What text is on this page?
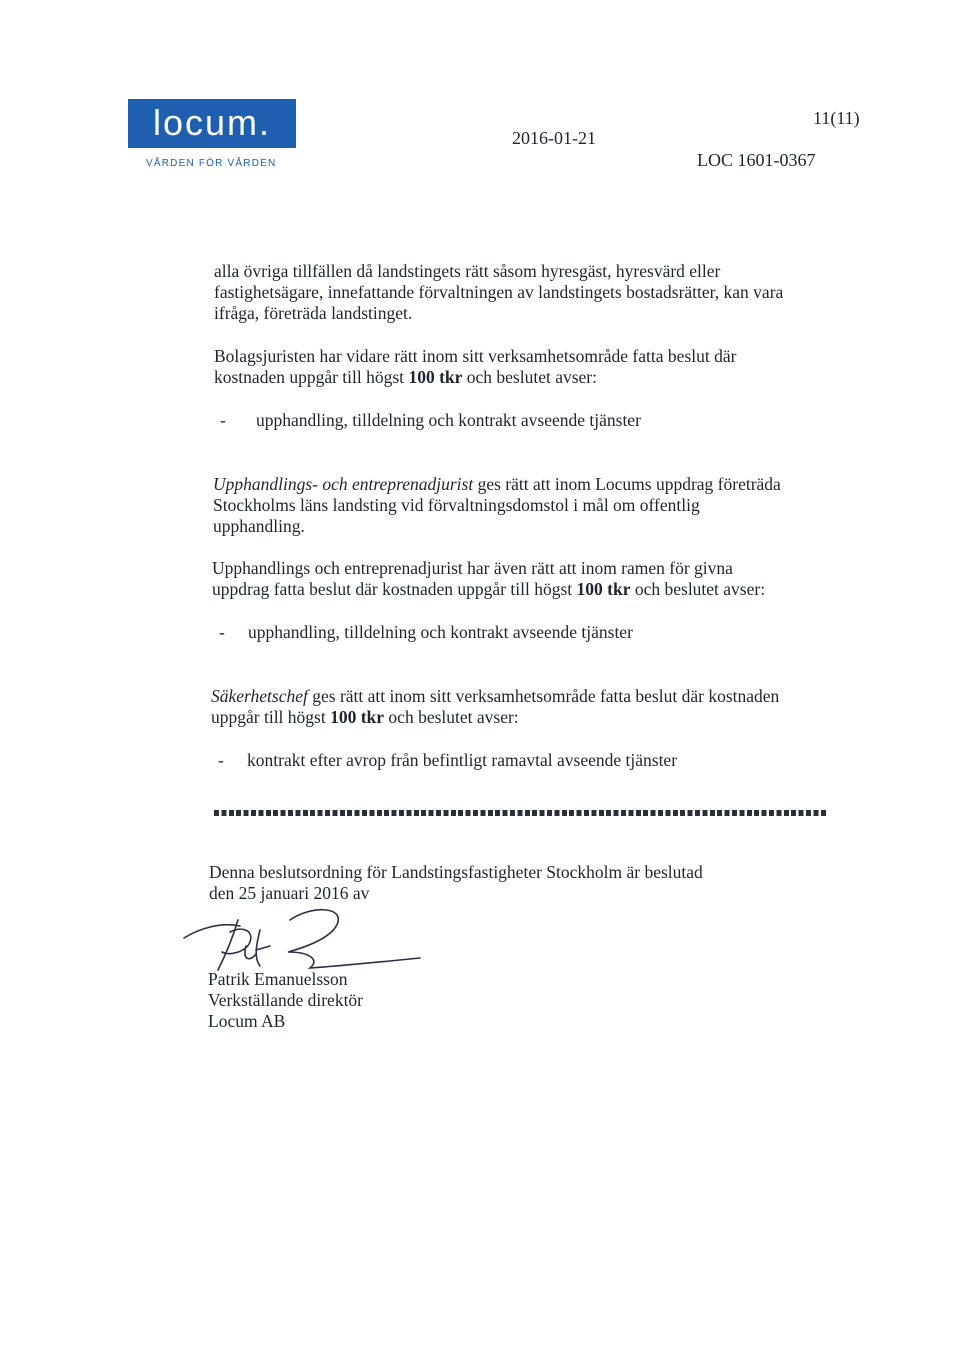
locum.
VÅRDEN FÖR VÅRDEN
2016-01-21
11(11)
LOC 1601-0367
alla övriga tillfällen då landstingets rätt såsom hyresgäst, hyresvärd eller
fastighetsägare, innefattande förvaltningen av landstingets bostadsrätter, kan vara
ifråga, företräda landstinget.
Bolagsjuristen har vidare rätt inom sitt verksamhetsområde fatta beslut där
kostnaden uppgår till högst 100 tkr och beslutet avser:
- upphandling, tilldelning och kontrakt avseende tjänster
Upphandlings- och entreprenadjurist ges rätt att inom Locums uppdrag företräda
Stockholms läns landsting vid förvaltningsdomstol i mål om offentlig
upphandling.
Upphandlings och entreprenadjurist har även rätt att inom ramen för givna
uppdrag fatta beslut där kostnaden uppgår till högst 100 tkr och beslutet avser:
- upphandling, tilldelning och kontrakt avseende tjänster
Säkerhetschef ges rätt att inom sitt verksamhetsområde fatta beslut där kostnaden
uppgår till högst 100 tkr och beslutet avser:
- kontrakt efter avrop från befintligt ramavtal avseende tjänster
Denna beslutsordning för Landstingsfastigheter Stockholm är beslutad
den 25 januari 2016 av
Patrik Emanuelsson
Verkställande direktör
Locum AB
